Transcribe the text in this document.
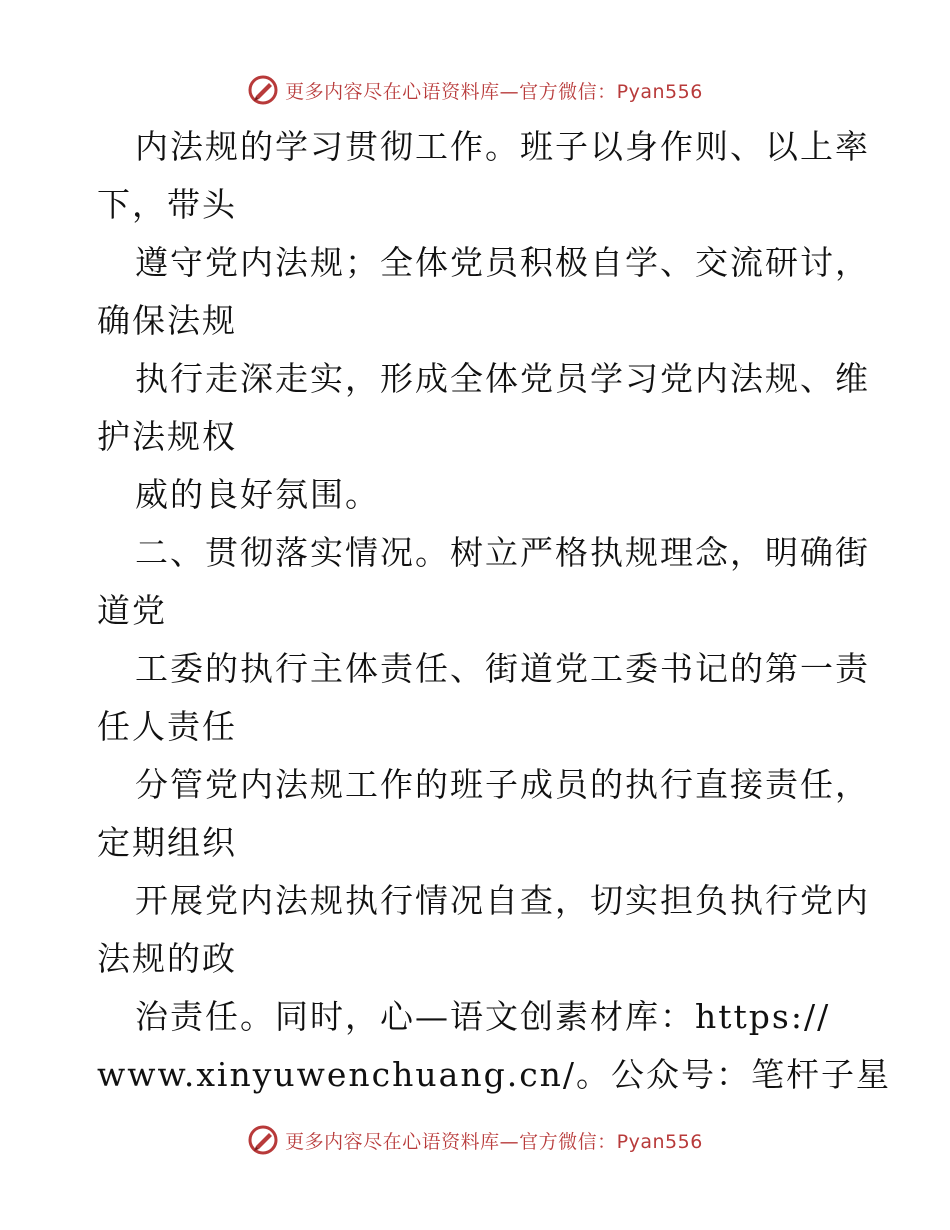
更多内容尽在心语资料库—官方微信：Pyan556
内法规的学习贯彻工作。班子以身作则、以上率
下，带头
遵守党内法规；全体党员积极自学、交流研讨，
确保法规
执行走深走实，形成全体党员学习党内法规、维
护法规权
威的良好氛围。
二、贯彻落实情况。树立严格执规理念，明确街
道党
工委的执行主体责任、街道党工委书记的第一责
任人责任
分管党内法规工作的班子成员的执行直接责任，
定期组织
开展党内法规执行情况自查，切实担负执行党内
法规的政
治责任。同时，心—语文创素材库：https://
www.xinyuwenchuang.cn/。公众号：笔杆子星
更多内容尽在心语资料库—官方微信：Pyan556
